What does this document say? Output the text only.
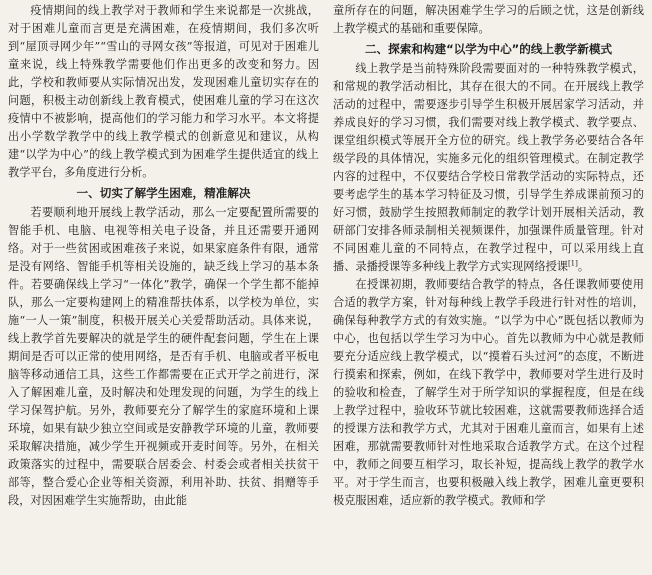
疫情期间的线上教学对于教师和学生来说都是一次挑战，对于困难儿童而言更是充满困难，在疫情期间，我们多次听到“屋顶寻网少年”“雪山的寻网女孩”等报道，可见对于困难儿童来说，线上特殊教学需要他们作出更多的改变和努力。因此，学校和教师要从实际情况出发，发现困难儿童切实存在的问题，积极主动创新线上教育模式，使困难儿童的学习在这次疫情中不被影响，提高他们的学习能力和学习水平。本文将提出小学数学教学中的线上教学模式的创新意见和建议，从构建“以学为中心”的线上教学模式到为困难学生提供适宜的线上教学平台，多角度进行分析。

一、切实了解学生困难，精准解决

若要顺利地开展线上教学活动，那么一定要配置所需要的智能手机、电脑、电视等相关电子设备，并且还需要开通网络。对于一些贫困或困难孩子来说，如果家庭条件有限，通常是没有网络、智能手机等相关设施的，缺乏线上学习的基本条件。若要确保线上学习“一体化”教学，确保一个学生都不能掉队，那么一定要构建网上的精准帮扶体系，以学校为单位，实施“一人一策”制度，积极开展关心关爱帮助活动。具体来说，线上教学首先要解决的就是学生的硬件配套问题，学生在上课期间是否可以正常的使用网络，是否有手机、电脑或者平板电脑等移动通信工具，这些工作都需要在正式开学之前进行，深入了解困难儿童，及时解决和处理发现的问题，为学生的线上学习保驾护航。另外，教师要充分了解学生的家庭环境和上课环境，如果有缺少独立空间或是安静教学环境的儿童，教师要采取解决措施，减少学生开视频或开麦时间等。另外，在相关政策落实的过程中，需要联合居委会、村委会或者相关扶贫干部等，整合爱心企业等相关资源，利用补助、扶贫、捐赠等手段，对因困难学生实施帮助，由此能

童所存在的问题，解决困难学生学习的后顾之忧，这是创新线上教学模式的基础和重要保障。

二、探索和构建“以学为中心”的线上教学新模式

线上教学是当前特殊阶段需要面对的一种特殊教学模式，和常规的教学活动相比，其存在很大的不同。在开展线上教学活动的过程中，需要逐步引导学生积极开展居家学习活动，并养成良好的学习习惯，我们需要对线上教学模式、教学要点、课堂组织模式等展开全方位的研究。线上教学务必要结合各年级学段的具体情况，实施多元化的组织管理模式。在制定教学内容的过程中，不仅要结合学校日常教学活动的实际特点，还要考虑学生的基本学习特征及习惯，引导学生养成课前预习的好习惯，鼓励学生按照教师制定的教学计划开展相关活动，教研部门安排各师录制相关视频课件，加强课件质量管理。针对不同困难儿童的不同特点，在教学过程中，可以采用线上直播、录播授课等多种线上教学方式实现网络授课[1]。

在授课初期，教师要结合教学的特点，各任课教师要使用合适的教学方案，针对每种线上教学手段进行针对性的培训，确保每种教学方式的有效实施。“以学为中心”既包括以教师为中心，也包括以学生学习为中心。首先以教师为中心就是教师要充分适应线上教学模式，以“摸着石头过河”的态度，不断进行摸索和探索，例如，在线下教学中，教师要对学生进行及时的验收和检查，了解学生对于所学知识的掌握程度，但是在线上教学过程中，验收环节就比较困难，这就需要教师选择合适的授课方法和教学方式，尤其对于困难儿童而言，如果有上述困难，那就需要教师针对性地采取合适教学方式。在这个过程中，教师之间要互相学习，取长补短，提高线上教学的教学水平。对于学生而言，也要积极融入线上教学，困难儿童更要积极克服困难，适应新的教学模式。教师和学
